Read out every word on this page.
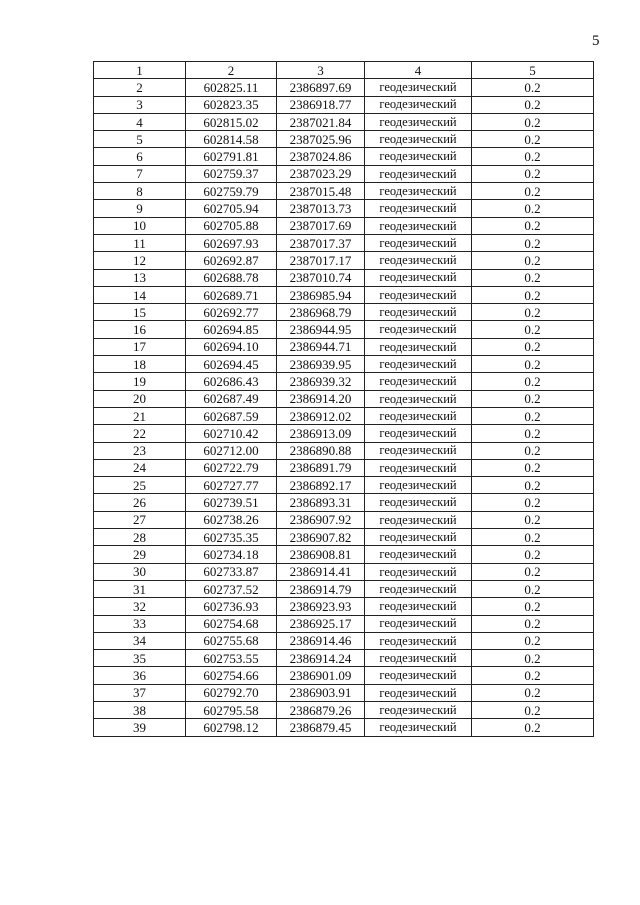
5
1	2	3	4	5
2	602825.11	2386897.69	геодезический	0.2
3	602823.35	2386918.77	геодезический	0.2
4	602815.02	2387021.84	геодезический	0.2
5	602814.58	2387025.96	геодезический	0.2
6	602791.81	2387024.86	геодезический	0.2
7	602759.37	2387023.29	геодезический	0.2
8	602759.79	2387015.48	геодезический	0.2
9	602705.94	2387013.73	геодезический	0.2
10	602705.88	2387017.69	геодезический	0.2
11	602697.93	2387017.37	геодезический	0.2
12	602692.87	2387017.17	геодезический	0.2
13	602688.78	2387010.74	геодезический	0.2
14	602689.71	2386985.94	геодезический	0.2
15	602692.77	2386968.79	геодезический	0.2
16	602694.85	2386944.95	геодезический	0.2
17	602694.10	2386944.71	геодезический	0.2
18	602694.45	2386939.95	геодезический	0.2
19	602686.43	2386939.32	геодезический	0.2
20	602687.49	2386914.20	геодезический	0.2
21	602687.59	2386912.02	геодезический	0.2
22	602710.42	2386913.09	геодезический	0.2
23	602712.00	2386890.88	геодезический	0.2
24	602722.79	2386891.79	геодезический	0.2
25	602727.77	2386892.17	геодезический	0.2
26	602739.51	2386893.31	геодезический	0.2
27	602738.26	2386907.92	геодезический	0.2
28	602735.35	2386907.82	геодезический	0.2
29	602734.18	2386908.81	геодезический	0.2
30	602733.87	2386914.41	геодезический	0.2
31	602737.52	2386914.79	геодезический	0.2
32	602736.93	2386923.93	геодезический	0.2
33	602754.68	2386925.17	геодезический	0.2
34	602755.68	2386914.46	геодезический	0.2
35	602753.55	2386914.24	геодезический	0.2
36	602754.66	2386901.09	геодезический	0.2
37	602792.70	2386903.91	геодезический	0.2
38	602795.58	2386879.26	геодезический	0.2
39	602798.12	2386879.45	геодезический	0.2
